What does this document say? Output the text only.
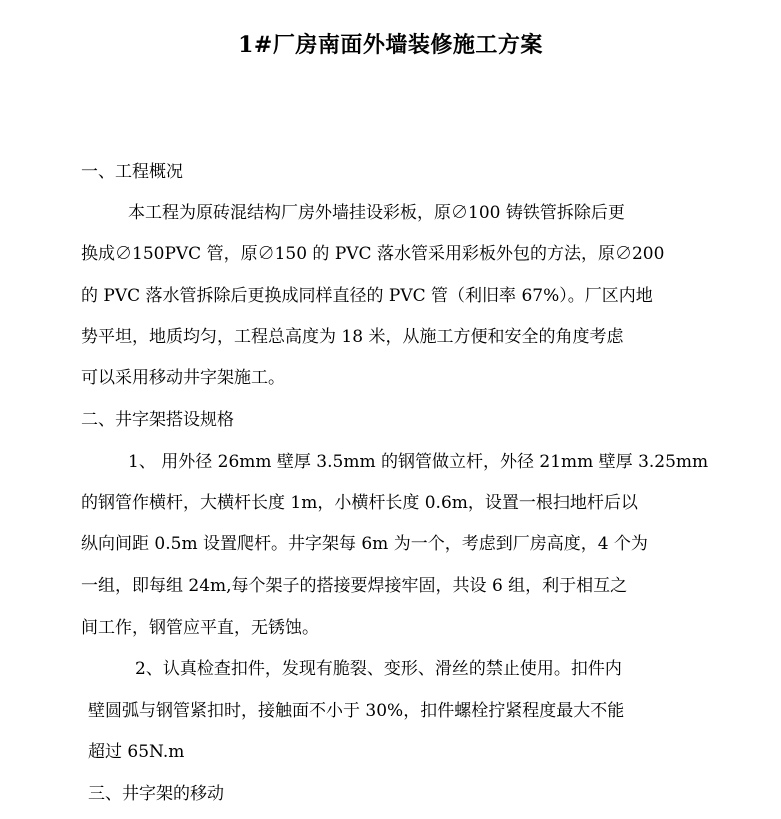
1#厂房南面外墙装修施工方案
一、工程概况
本工程为原砖混结构厂房外墙挂设彩板，原∅100 铸铁管拆除后更
换成∅150PVC 管，原∅150 的 PVC 落水管采用彩板外包的方法，原∅200
的 PVC 落水管拆除后更换成同样直径的 PVC 管（利旧率 67%）。厂区内地
势平坦，地质均匀，工程总高度为 18 米，从施工方便和安全的角度考虑
可以采用移动井字架施工。
二、井字架搭设规格
1、 用外径 26mm 壁厚 3.5mm 的钢管做立杆，外径 21mm 壁厚 3.25mm
的钢管作横杆，大横杆长度 1m，小横杆长度 0.6m，设置一根扫地杆后以
纵向间距 0.5m 设置爬杆。井字架每 6m 为一个，考虑到厂房高度，4 个为
一组，即每组 24m,每个架子的搭接要焊接牢固，共设 6 组，利于相互之
间工作，钢管应平直，无锈蚀。
2、认真检查扣件，发现有脆裂、变形、滑丝的禁止使用。扣件内
壁圆弧与钢管紧扣时，接触面不小于 30%，扣件螺栓拧紧程度最大不能
超过 65N.m
三、井字架的移动
